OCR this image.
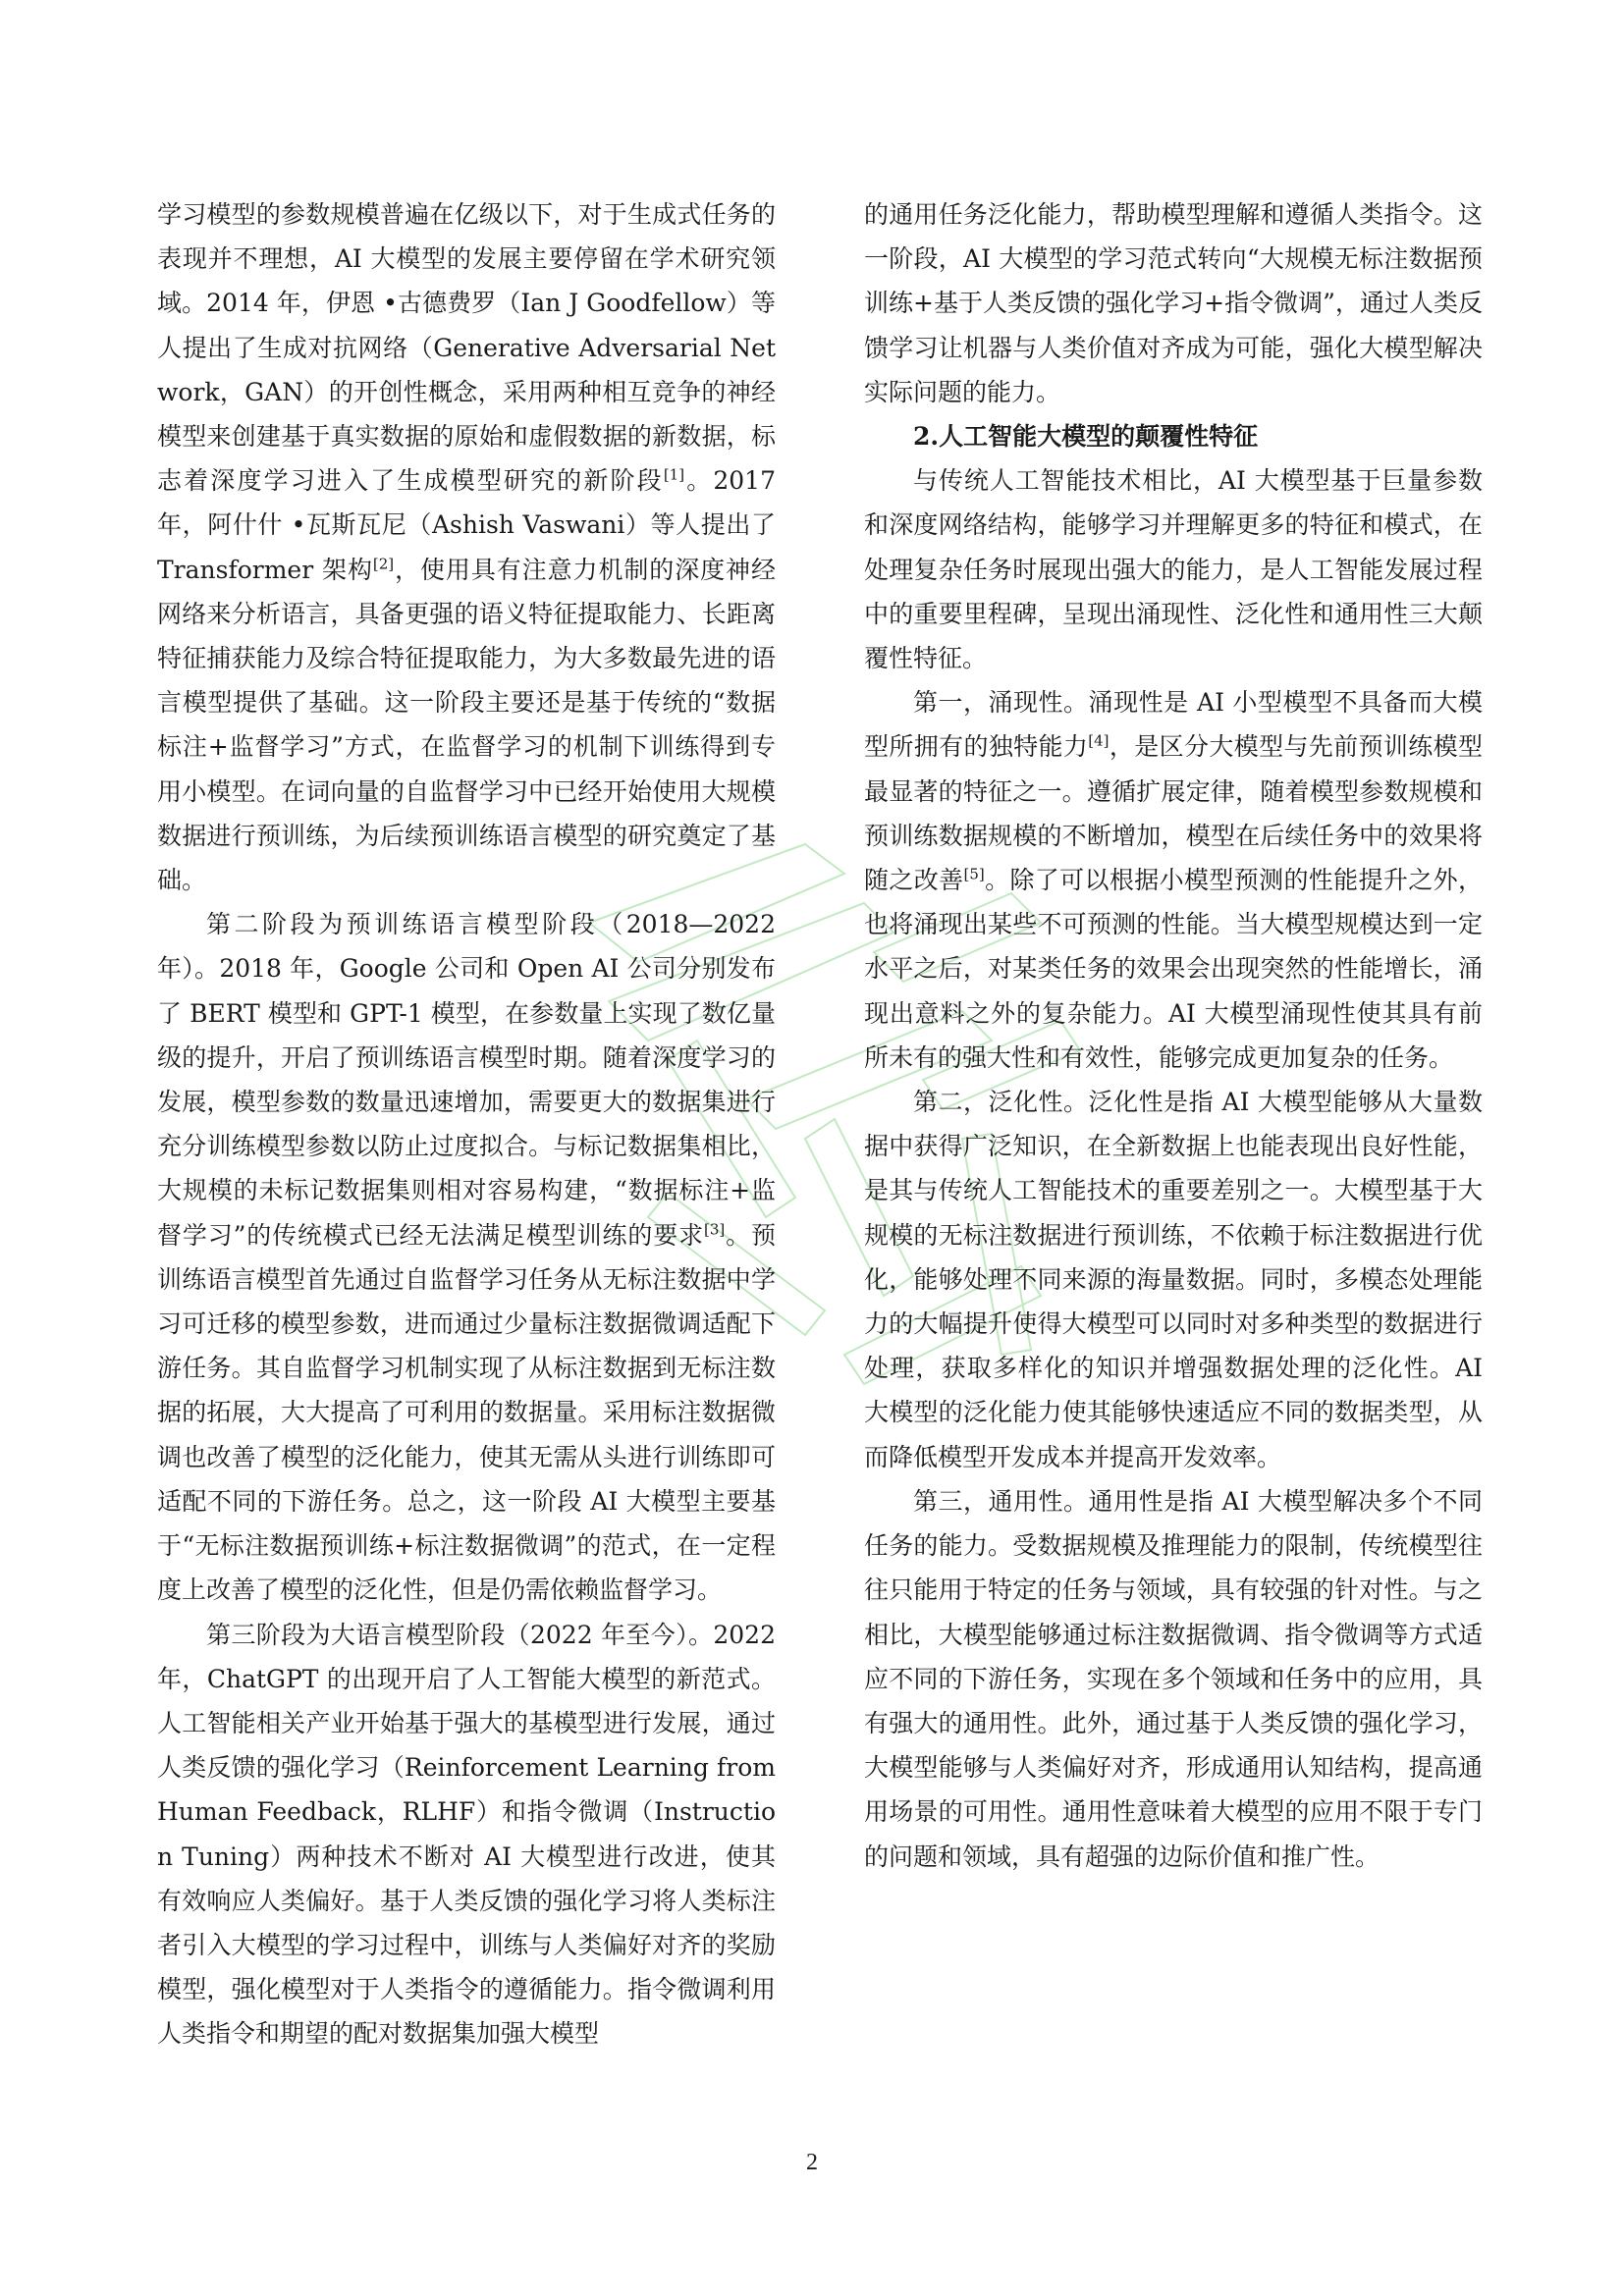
学习模型的参数规模普遍在亿级以下，对于生成式任务的表现并不理想，AI 大模型的发展主要停留在学术研究领域。2014 年，伊恩 •古德费罗（Ian J Goodfellow）等人提出了生成对抗网络（Generative Adversarial Network，GAN）的开创性概念，采用两种相互竞争的神经模型来创建基于真实数据的原始和虚假数据的新数据，标志着深度学习进入了生成模型研究的新阶段[1]。2017 年，阿什什 •瓦斯瓦尼（Ashish Vaswani）等人提出了 Transformer 架构[2]，使用具有注意力机制的深度神经网络来分析语言，具备更强的语义特征提取能力、长距离特征捕获能力及综合特征提取能力，为大多数最先进的语言模型提供了基础。这一阶段主要还是基于传统的“数据标注+监督学习”方式，在监督学习的机制下训练得到专用小模型。在词向量的自监督学习中已经开始使用大规模数据进行预训练，为后续预训练语言模型的研究奠定了基础。

第二阶段为预训练语言模型阶段（2018—2022 年）。2018 年，Google 公司和 Open AI 公司分别发布了 BERT 模型和 GPT-1 模型，在参数量上实现了数亿量级的提升，开启了预训练语言模型时期。随着深度学习的发展，模型参数的数量迅速增加，需要更大的数据集进行充分训练模型参数以防止过度拟合。与标记数据集相比，大规模的未标记数据集则相对容易构建，“数据标注+监督学习”的传统模式已经无法满足模型训练的要求[3]。预训练语言模型首先通过自监督学习任务从无标注数据中学习可迁移的模型参数，进而通过少量标注数据微调适配下游任务。其自监督学习机制实现了从标注数据到无标注数据的拓展，大大提高了可利用的数据量。采用标注数据微调也改善了模型的泛化能力，使其无需从头进行训练即可适配不同的下游任务。总之，这一阶段 AI 大模型主要基于“无标注数据预训练+标注数据微调”的范式，在一定程度上改善了模型的泛化性，但是仍需依赖监督学习。

第三阶段为大语言模型阶段（2022 年至今）。2022 年，ChatGPT 的出现开启了人工智能大模型的新范式。人工智能相关产业开始基于强大的基模型进行发展，通过人类反馈的强化学习（Reinforcement Learning from Human Feedback，RLHF）和指令微调（Instruction Tuning）两种技术不断对 AI 大模型进行改进，使其有效响应人类偏好。基于人类反馈的强化学习将人类标注者引入大模型的学习过程中，训练与人类偏好对齐的奖励模型，强化模型对于人类指令的遵循能力。指令微调利用人类指令和期望的配对数据集加强大模型

的通用任务泛化能力，帮助模型理解和遵循人类指令。这一阶段，AI 大模型的学习范式转向“大规模无标注数据预训练+基于人类反馈的强化学习+指令微调”，通过人类反馈学习让机器与人类价值对齐成为可能，强化大模型解决实际问题的能力。

2.人工智能大模型的颠覆性特征

与传统人工智能技术相比，AI 大模型基于巨量参数和深度网络结构，能够学习并理解更多的特征和模式，在处理复杂任务时展现出强大的能力，是人工智能发展过程中的重要里程碑，呈现出涌现性、泛化性和通用性三大颠覆性特征。

第一，涌现性。涌现性是 AI 小型模型不具备而大模型所拥有的独特能力[4]，是区分大模型与先前预训练模型最显著的特征之一。遵循扩展定律，随着模型参数规模和预训练数据规模的不断增加，模型在后续任务中的效果将随之改善[5]。除了可以根据小模型预测的性能提升之外，也将涌现出某些不可预测的性能。当大模型规模达到一定水平之后，对某类任务的效果会出现突然的性能增长，涌现出意料之外的复杂能力。AI 大模型涌现性使其具有前所未有的强大性和有效性，能够完成更加复杂的任务。

第二，泛化性。泛化性是指 AI 大模型能够从大量数据中获得广泛知识，在全新数据上也能表现出良好性能，是其与传统人工智能技术的重要差别之一。大模型基于大规模的无标注数据进行预训练，不依赖于标注数据进行优化，能够处理不同来源的海量数据。同时，多模态处理能力的大幅提升使得大模型可以同时对多种类型的数据进行处理，获取多样化的知识并增强数据处理的泛化性。AI 大模型的泛化能力使其能够快速适应不同的数据类型，从而降低模型开发成本并提高开发效率。

第三，通用性。通用性是指 AI 大模型解决多个不同任务的能力。受数据规模及推理能力的限制，传统模型往往只能用于特定的任务与领域，具有较强的针对性。与之相比，大模型能够通过标注数据微调、指令微调等方式适应不同的下游任务，实现在多个领域和任务中的应用，具有强大的通用性。此外，通过基于人类反馈的强化学习，大模型能够与人类偏好对齐，形成通用认知结构，提高通用场景的可用性。通用性意味着大模型的应用不限于专门的问题和领域，具有超强的边际价值和推广性。

2
